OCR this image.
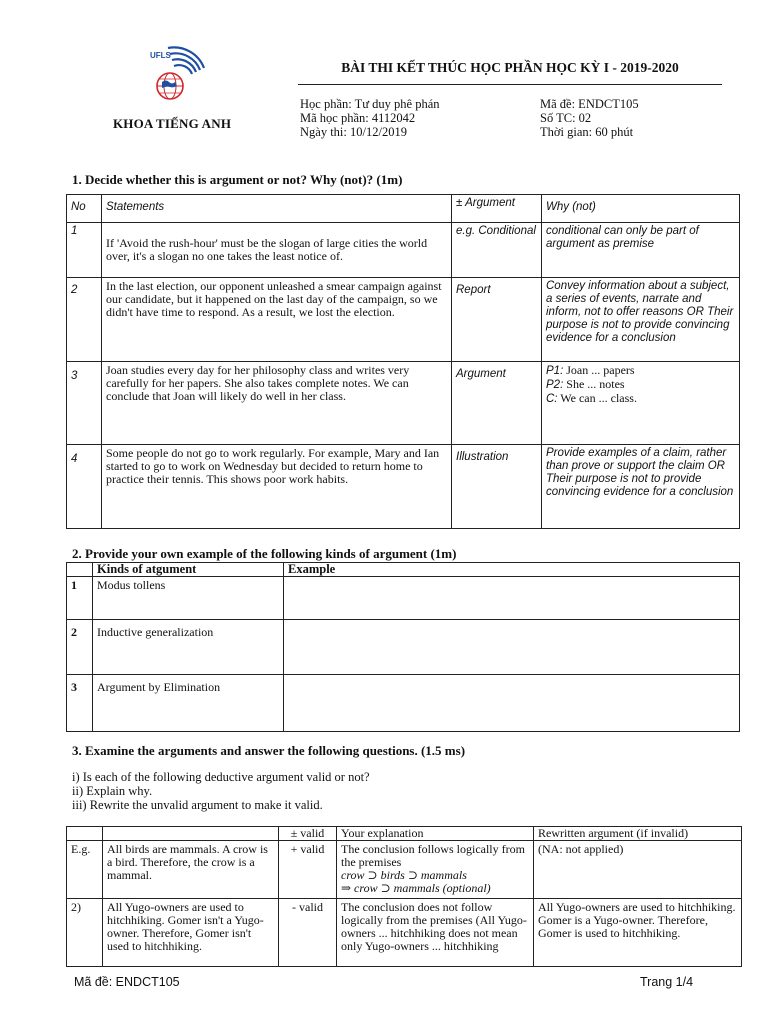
UFLS
KHOA TIẾNG ANH
BÀI THI KẾT THÚC HỌC PHẦN HỌC KỲ I - 2019-2020
Học phần: Tư duy phê phán
Mã học phần: 4112042
Ngày thi: 10/12/2019
Mã đề: ENDCT105
Số TC: 02
Thời gian: 60 phút
1. Decide whether this is argument or not? Why (not)? (1m)
No	Statements	± Argument	Why (not)
1	If 'Avoid the rush-hour' must be the slogan of large cities the world over, it's a slogan no one takes the least notice of.	e.g. Conditional	conditional can only be part of argument as premise
2	In the last election, our opponent unleashed a smear campaign against our candidate, but it happened on the last day of the campaign, so we didn't have time to respond. As a result, we lost the election.	Report	Convey information about a subject, a series of events, narrate and inform, not to offer reasons OR Their purpose is not to provide convincing evidence for a conclusion
3	Joan studies every day for her philosophy class and writes very carefully for her papers. She also takes complete notes. We can conclude that Joan will likely do well in her class.	Argument	P1: Joan ... papers
P2: She ... notes
C: We can ... class.

4	Some people do not go to work regularly. For example, Mary and Ian started to go to work on Wednesday but decided to return home to practice their tennis. This shows poor work habits.	Illustration	Provide examples of a claim, rather than prove or support the claim OR Their purpose is not to provide convincing evidence for a conclusion
2. Provide your own example of the following kinds of argument (1m)
	Kinds of atgument	Example
1	Modus tollens	
2	Inductive generalization	
3	Argument by Elimination	
3. Examine the arguments and answer the following questions. (1.5 ms)
i) Is each of the following deductive argument valid or not?
ii) Explain why.
iii) Rewrite the unvalid argument to make it valid.
		± valid	Your explanation	Rewritten argument (if invalid)
E.g.	All birds are mammals. A crow is a bird. Therefore, the crow is a mammal.	+ valid	The conclusion follows logically from the premises
crow ⊃ birds ⊃ mammals
⇒ crow ⊃ mammals (optional)	(NA: not applied)
2)	All Yugo-owners are used to hitchhiking. Gomer isn't a Yugo-owner. Therefore, Gomer isn't used to hitchhiking.	- valid	The conclusion does not follow logically from the premises (All Yugo-owners ... hitchhiking does not mean only Yugo-owners ... hitchhiking	All Yugo-owners are used to hitchhiking. Gomer is a Yugo-owner. Therefore, Gomer is used to hitchhiking.
Mã đề: ENDCT105	Trang 1/4
